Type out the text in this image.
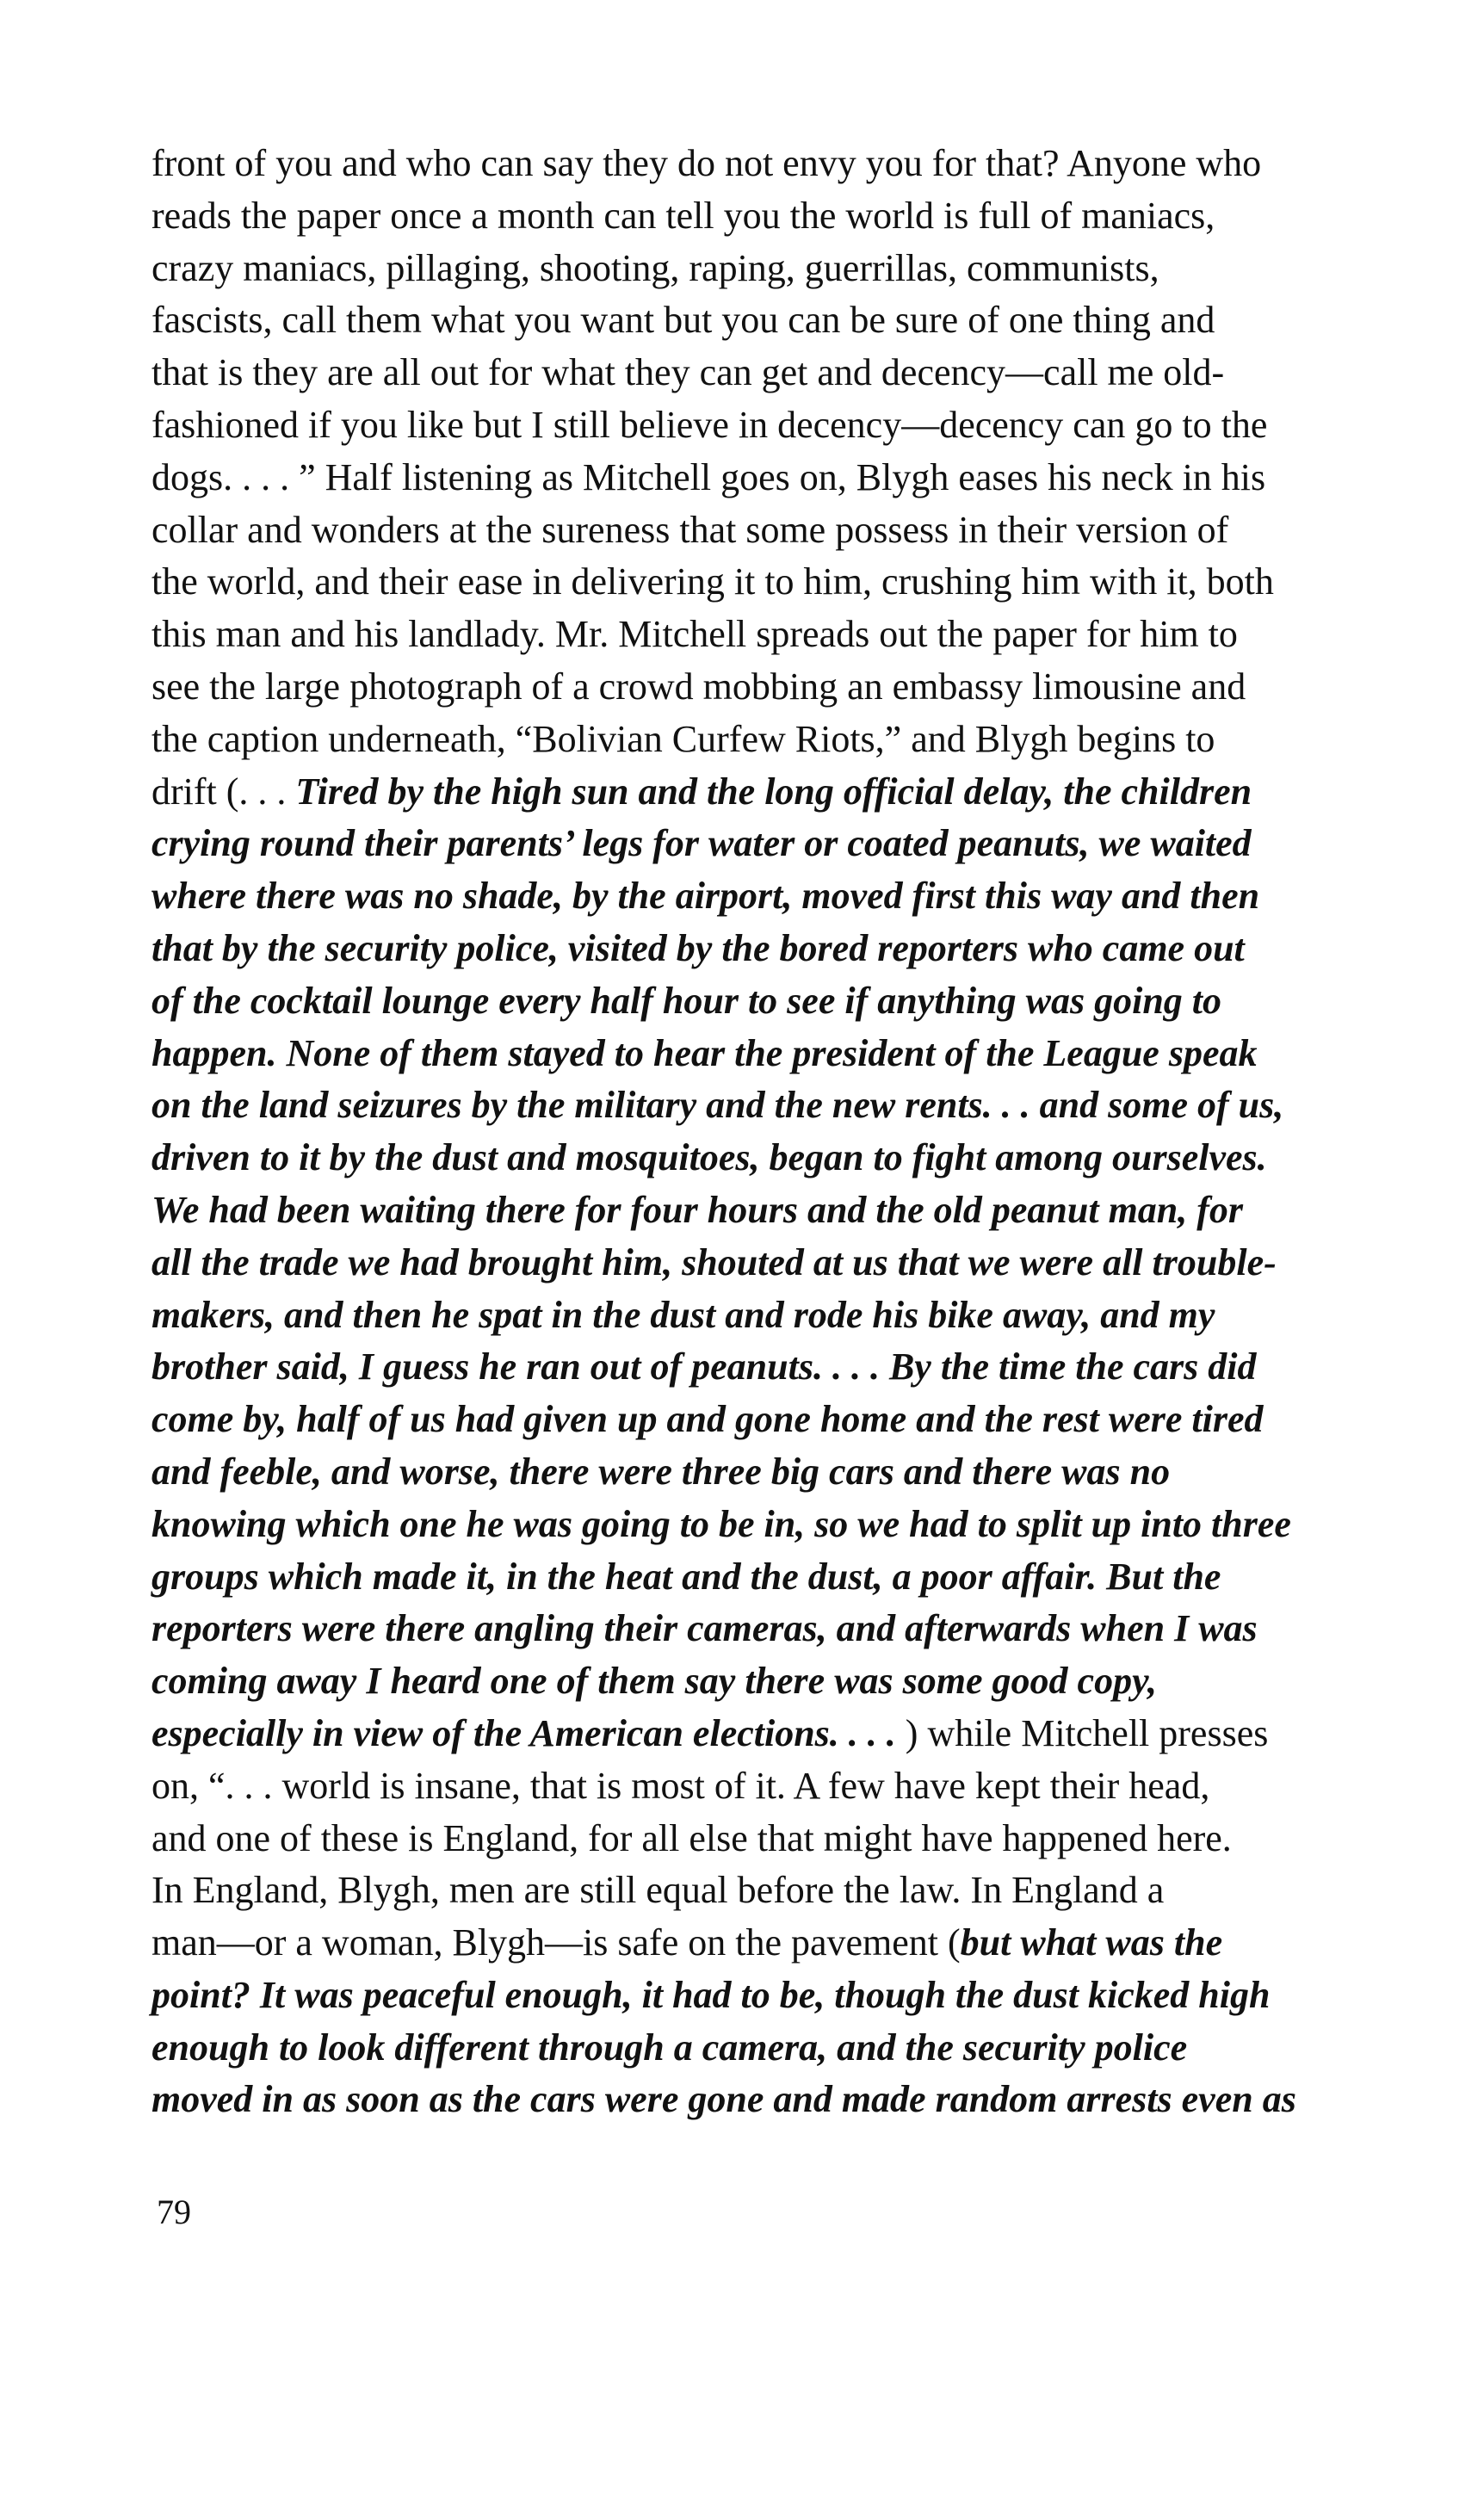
front of you and who can say they do not envy you for that? Anyone who
reads the paper once a month can tell you the world is full of maniacs,
crazy maniacs, pillaging, shooting, raping, guerrillas, communists,
fascists, call them what you want but you can be sure of one thing and
that is they are all out for what they can get and decency—call me old-
fashioned if you like but I still believe in decency—decency can go to the
dogs. . . . ” Half listening as Mitchell goes on, Blygh eases his neck in his
collar and wonders at the sureness that some possess in their version of
the world, and their ease in delivering it to him, crushing him with it, both
this man and his landlady. Mr. Mitchell spreads out the paper for him to
see the large photograph of a crowd mobbing an embassy limousine and
the caption underneath, “Bolivian Curfew Riots,” and Blygh begins to
drift (. . . Tired by the high sun and the long official delay, the children
crying round their parents’ legs for water or coated peanuts, we waited
where there was no shade, by the airport, moved first this way and then
that by the security police, visited by the bored reporters who came out
of the cocktail lounge every half hour to see if anything was going to
happen. None of them stayed to hear the president of the League speak
on the land seizures by the military and the new rents. . . and some of us,
driven to it by the dust and mosquitoes, began to fight among ourselves.
We had been waiting there for four hours and the old peanut man, for
all the trade we had brought him, shouted at us that we were all trouble-
makers, and then he spat in the dust and rode his bike away, and my
brother said, I guess he ran out of peanuts. . . . By the time the cars did
come by, half of us had given up and gone home and the rest were tired
and feeble, and worse, there were three big cars and there was no
knowing which one he was going to be in, so we had to split up into three
groups which made it, in the heat and the dust, a poor affair. But the
reporters were there angling their cameras, and afterwards when I was
coming away I heard one of them say there was some good copy,
especially in view of the American elections. . . . ) while Mitchell presses
on, “. . . world is insane, that is most of it. A few have kept their head,
and one of these is England, for all else that might have happened here.
In England, Blygh, men are still equal before the law. In England a
man—or a woman, Blygh—is safe on the pavement (but what was the
point? It was peaceful enough, it had to be, though the dust kicked high
enough to look different through a camera, and the security police
moved in as soon as the cars were gone and made random arrests even as

79
